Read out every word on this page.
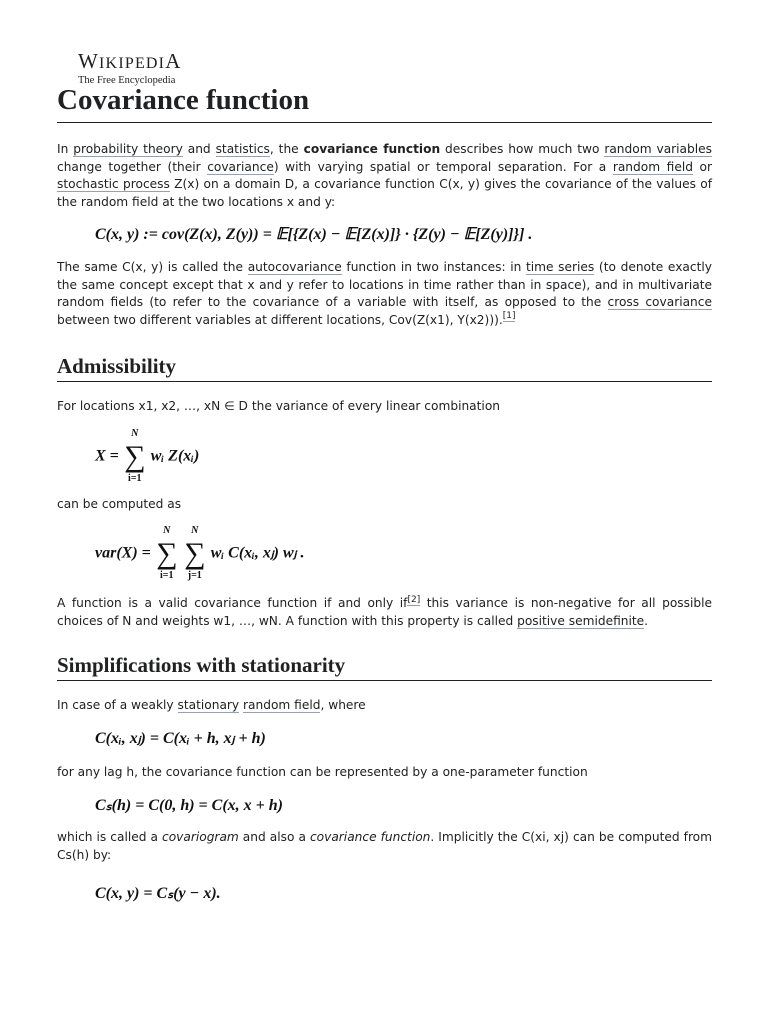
WIKIPEDIA
The Free Encyclopedia
Covariance function
In probability theory and statistics, the covariance function describes how much two random variables change together (their covariance) with varying spatial or temporal separation. For a random field or stochastic process Z(x) on a domain D, a covariance function C(x, y) gives the covariance of the values of the random field at the two locations x and y:
C(x, y) := cov(Z(x), Z(y)) = 𝔼[{Z(x) − 𝔼[Z(x)]} · {Z(y) − 𝔼[Z(y)]}] .
The same C(x, y) is called the autocovariance function in two instances: in time series (to denote exactly the same concept except that x and y refer to locations in time rather than in space), and in multivariate random fields (to refer to the covariance of a variable with itself, as opposed to the cross covariance between two different variables at different locations, Cov(Z(x1), Y(x2))).[1]
Admissibility
For locations x1, x2, …, xN ∈ D the variance of every linear combination
X =
N
∑
i=1
wᵢ Z(xᵢ)
can be computed as
var(X) =
N
∑
i=1

N
∑
j=1
wᵢ C(xᵢ, xⱼ) wⱼ .
A function is a valid covariance function if and only if[2] this variance is non-negative for all possible choices of N and weights w1, …, wN. A function with this property is called positive semidefinite.
Simplifications with stationarity
In case of a weakly stationary random field, where
C(xᵢ, xⱼ) = C(xᵢ + h, xⱼ + h)
for any lag h, the covariance function can be represented by a one-parameter function
Cₛ(h) = C(0, h) = C(x, x + h)
which is called a covariogram and also a covariance function. Implicitly the C(xi, xj) can be computed from Cs(h) by:
C(x, y) = Cₛ(y − x).
